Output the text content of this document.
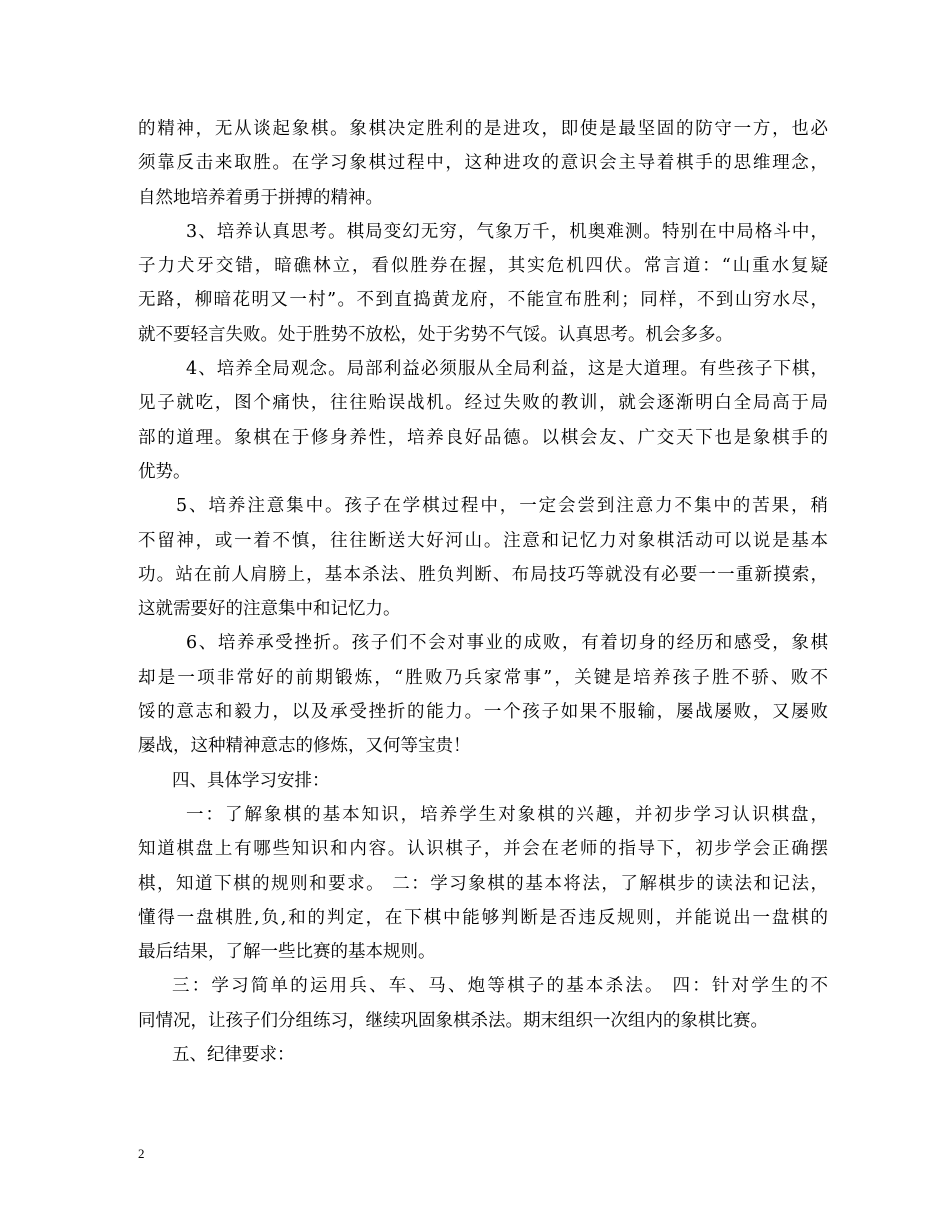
的精神，无从谈起象棋。象棋决定胜利的是进攻，即使是最坚固的防守一方，也必
须靠反击来取胜。在学习象棋过程中，这种进攻的意识会主导着棋手的思维理念，
自然地培养着勇于拼搏的精神。
3、培养认真思考。棋局变幻无穷，气象万千，机奥难测。特别在中局格斗中，
子力犬牙交错，暗礁林立，看似胜券在握，其实危机四伏。常言道：“山重水复疑
无路，柳暗花明又一村”。不到直捣黄龙府，不能宣布胜利；同样，不到山穷水尽，
就不要轻言失败。处于胜势不放松，处于劣势不气馁。认真思考。机会多多。
4、培养全局观念。局部利益必须服从全局利益，这是大道理。有些孩子下棋，
见子就吃，图个痛快，往往贻误战机。经过失败的教训，就会逐渐明白全局高于局
部的道理。象棋在于修身养性，培养良好品德。以棋会友、广交天下也是象棋手的
优势。
5、培养注意集中。孩子在学棋过程中，一定会尝到注意力不集中的苦果，稍
不留神，或一着不慎，往往断送大好河山。注意和记忆力对象棋活动可以说是基本
功。站在前人肩膀上，基本杀法、胜负判断、布局技巧等就没有必要一一重新摸索，
这就需要好的注意集中和记忆力。
6、培养承受挫折。孩子们不会对事业的成败，有着切身的经历和感受，象棋
却是一项非常好的前期锻炼，“胜败乃兵家常事”，关键是培养孩子胜不骄、败不
馁的意志和毅力，以及承受挫折的能力。一个孩子如果不服输，屡战屡败，又屡败
屡战，这种精神意志的修炼，又何等宝贵！
四、具体学习安排：
一：了解象棋的基本知识，培养学生对象棋的兴趣，并初步学习认识棋盘，
知道棋盘上有哪些知识和内容。认识棋子，并会在老师的指导下，初步学会正确摆
棋，知道下棋的规则和要求。 二：学习象棋的基本将法，了解棋步的读法和记法，
懂得一盘棋胜,负,和的判定，在下棋中能够判断是否违反规则，并能说出一盘棋的
最后结果，了解一些比赛的基本规则。
三：学习简单的运用兵、车、马、炮等棋子的基本杀法。 四：针对学生的不
同情况，让孩子们分组练习，继续巩固象棋杀法。期末组织一次组内的象棋比赛。
五、纪律要求：
2
